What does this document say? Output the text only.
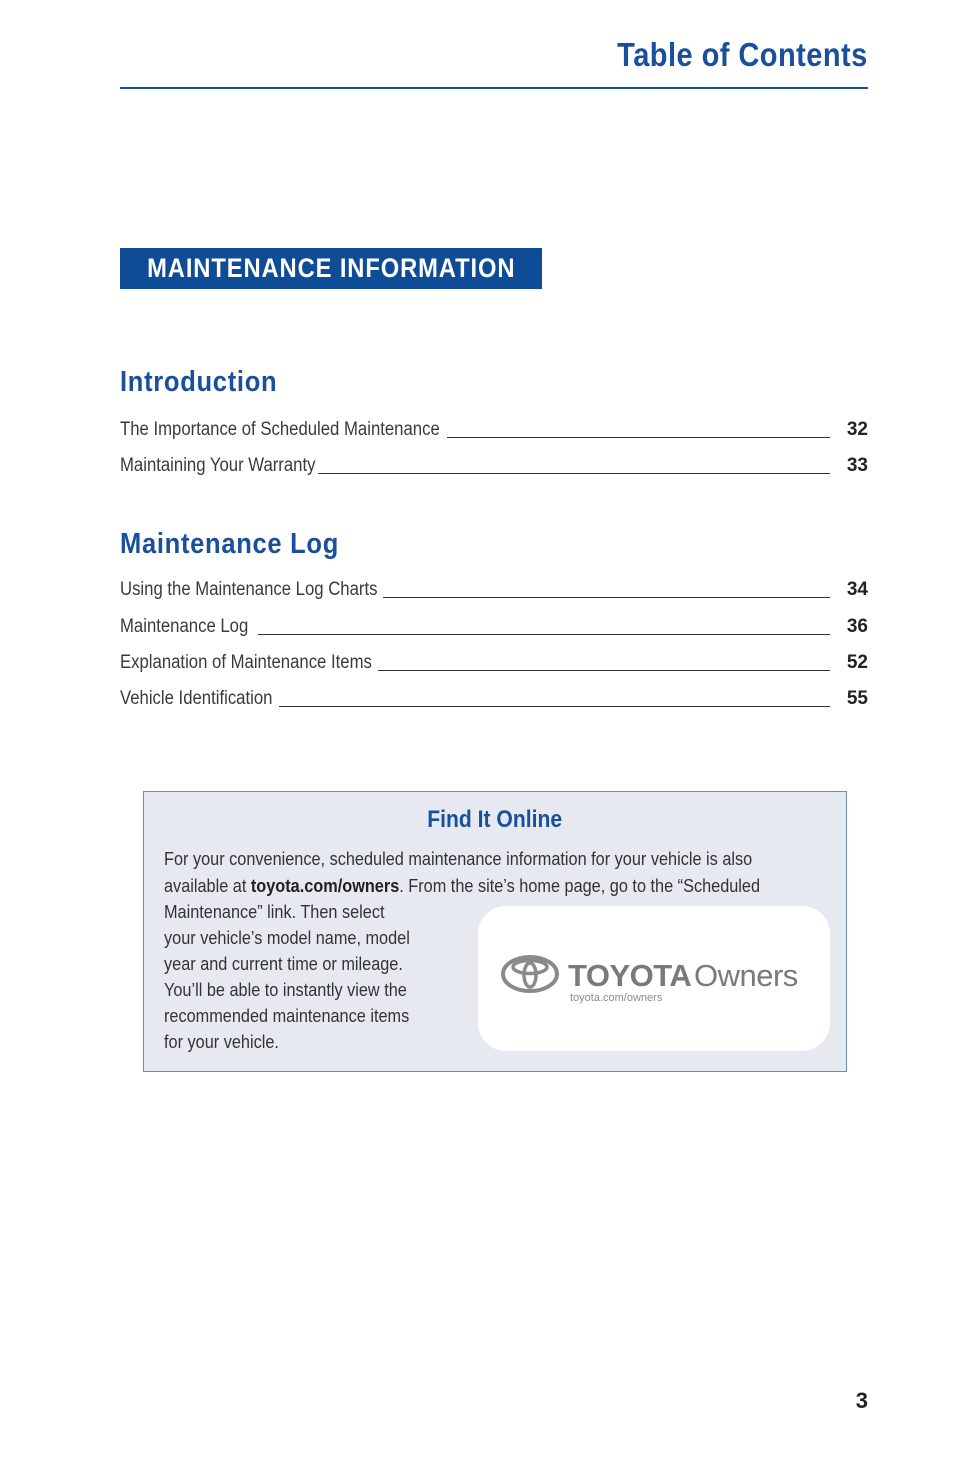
Table of Contents
MAINTENANCE INFORMATION
Introduction
The Importance of Scheduled Maintenance	32
Maintaining Your Warranty	33
Maintenance Log
Using the Maintenance Log Charts	34
Maintenance Log	36
Explanation of Maintenance Items	52
Vehicle Identification	55
Find It Online
For your convenience, scheduled maintenance information for your vehicle is also
available at toyota.com/owners. From the site’s home page, go to the “Scheduled
Maintenance” link. Then select
your vehicle’s model name, model
year and current time or mileage.
You’ll be able to instantly view the
recommended maintenance items
for your vehicle.
TOYOTA Owners
toyota.com/owners
3
